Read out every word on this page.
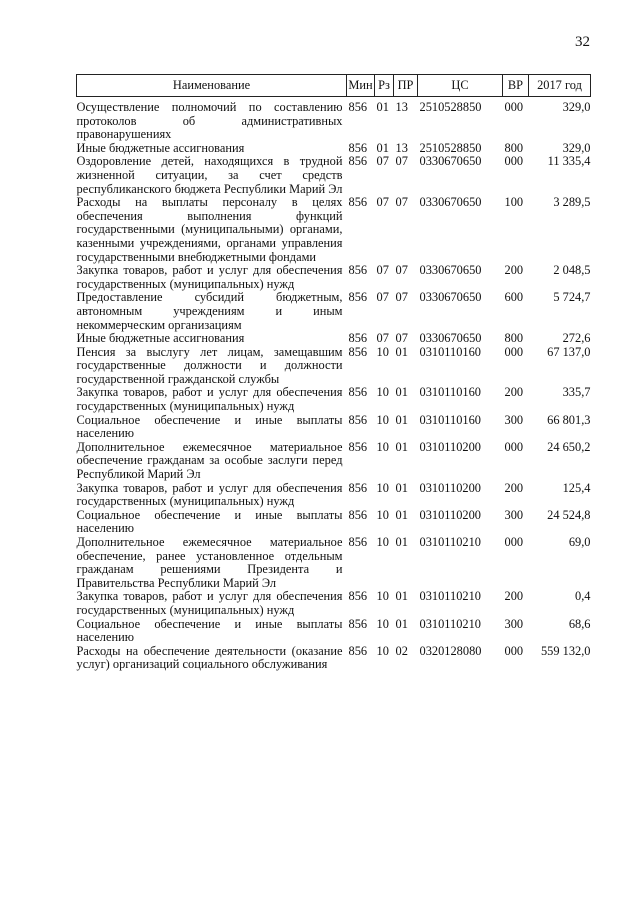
32
Наименование	Мин	Рз	ПР	ЦС	ВР	2017 год
Осуществление полномочий по составлению протоколов об административных правонарушениях	856	01	13	2510528850	000	329,0
Иные бюджетные ассигнования	856	01	13	2510528850	800	329,0
Оздоровление детей, находящихся в трудной жизненной ситуации, за счет средств республиканского бюджета Республики Марий Эл	856	07	07	0330670650	000	11 335,4
Расходы на выплаты персоналу в целях обеспечения выполнения функций государственными (муниципальными) органами, казенными учреждениями, органами управления государственными внебюджетными фондами	856	07	07	0330670650	100	3 289,5
Закупка товаров, работ и услуг для обеспечения государственных (муниципальных) нужд	856	07	07	0330670650	200	2 048,5
Предоставление субсидий бюджетным, автономным учреждениям и иным некоммерческим организациям	856	07	07	0330670650	600	5 724,7
Иные бюджетные ассигнования	856	07	07	0330670650	800	272,6
Пенсия за выслугу лет лицам, замещавшим государственные должности и должности государственной гражданской службы	856	10	01	0310110160	000	67 137,0
Закупка товаров, работ и услуг для обеспечения государственных (муниципальных) нужд	856	10	01	0310110160	200	335,7
Социальное обеспечение и иные выплаты населению	856	10	01	0310110160	300	66 801,3
Дополнительное ежемесячное материальное обеспечение гражданам за особые заслуги перед Республикой Марий Эл	856	10	01	0310110200	000	24 650,2
Закупка товаров, работ и услуг для обеспечения государственных (муниципальных) нужд	856	10	01	0310110200	200	125,4
Социальное обеспечение и иные выплаты населению	856	10	01	0310110200	300	24 524,8
Дополнительное ежемесячное материальное обеспечение, ранее установленное отдельным гражданам решениями Президента и Правительства Республики Марий Эл	856	10	01	0310110210	000	69,0
Закупка товаров, работ и услуг для обеспечения государственных (муниципальных) нужд	856	10	01	0310110210	200	0,4
Социальное обеспечение и иные выплаты населению	856	10	01	0310110210	300	68,6
Расходы на обеспечение деятельности (оказание услуг) организаций социального обслуживания	856	10	02	0320128080	000	559 132,0
